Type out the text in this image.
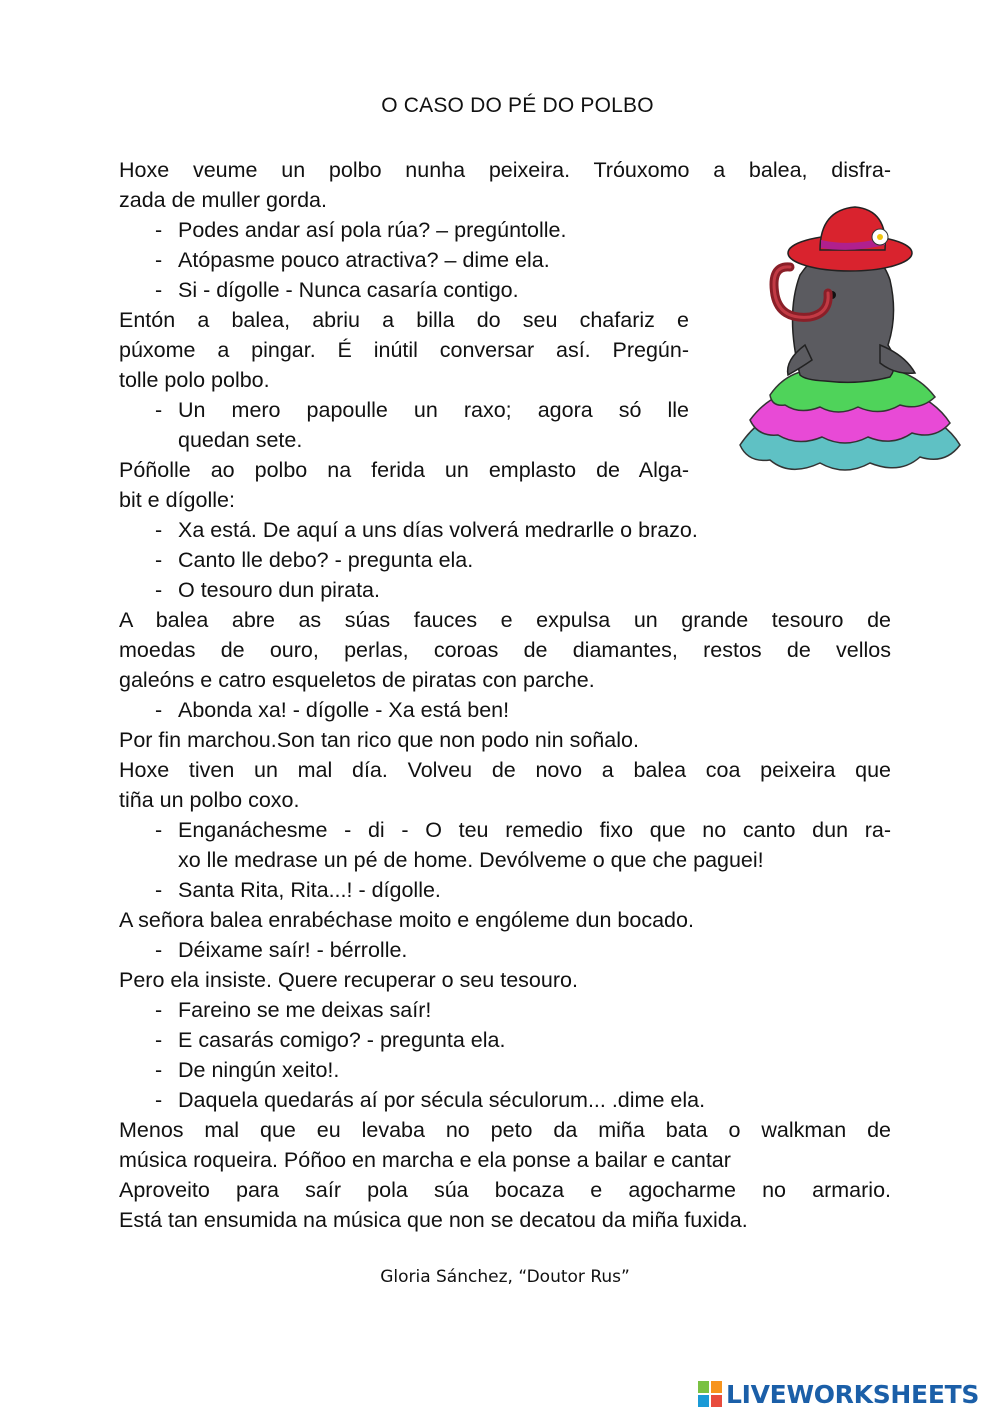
O CASO DO PÉ DO POLBO

Hoxe veume un polbo nunha peixeira. Tróuxomo a balea, disfra-

zada de muller gorda.

- Podes andar así pola rúa? – pregúntolle.

- Atópasme pouco atractiva? – dime ela.

- Si - dígolle - Nunca casaría contigo.

Entón a balea, abriu a billa do seu chafariz e

púxome a pingar. É inútil conversar así. Pregún-

tolle polo polbo.

- Un mero papoulle un raxo; agora só lle

quedan sete.

Póñolle ao polbo na ferida un emplasto de Alga-

bit e dígolle:

- Xa está. De aquí a uns días volverá medrarlle o brazo.

- Canto lle debo? - pregunta ela.

- O tesouro dun pirata.

A balea abre as súas fauces e expulsa un grande tesouro de

moedas de ouro, perlas, coroas de diamantes, restos de vellos

galeóns e catro esqueletos de piratas con parche.

- Abonda xa! - dígolle - Xa está ben!

Por fin marchou.Son tan rico que non podo nin soñalo.

Hoxe tiven un mal día. Volveu de novo a balea coa peixeira que

tiña un polbo coxo.

- Enganáchesme - di - O teu remedio fixo que no canto dun ra-

xo lle medrase un pé de home. Devólveme o que che paguei!

- Santa Rita, Rita...! - dígolle.

A señora balea enrabéchase moito e engóleme dun bocado.

- Déixame saír! - bérrolle.

Pero ela insiste. Quere recuperar o seu tesouro.

- Fareino se me deixas saír!

- E casarás comigo? - pregunta ela.

- De ningún xeito!.

- Daquela quedarás aí por sécula séculorum... .dime ela.

Menos mal que eu levaba no peto da miña bata o walkman de

música roqueira. Póñoo en marcha e ela ponse a bailar e cantar

Aproveito para saír pola súa bocaza e agocharme no armario.

Está tan ensumida na música que non se decatou da miña fuxida.

Gloria Sánchez, “Doutor Rus”
LIVEWORKSHEETS
